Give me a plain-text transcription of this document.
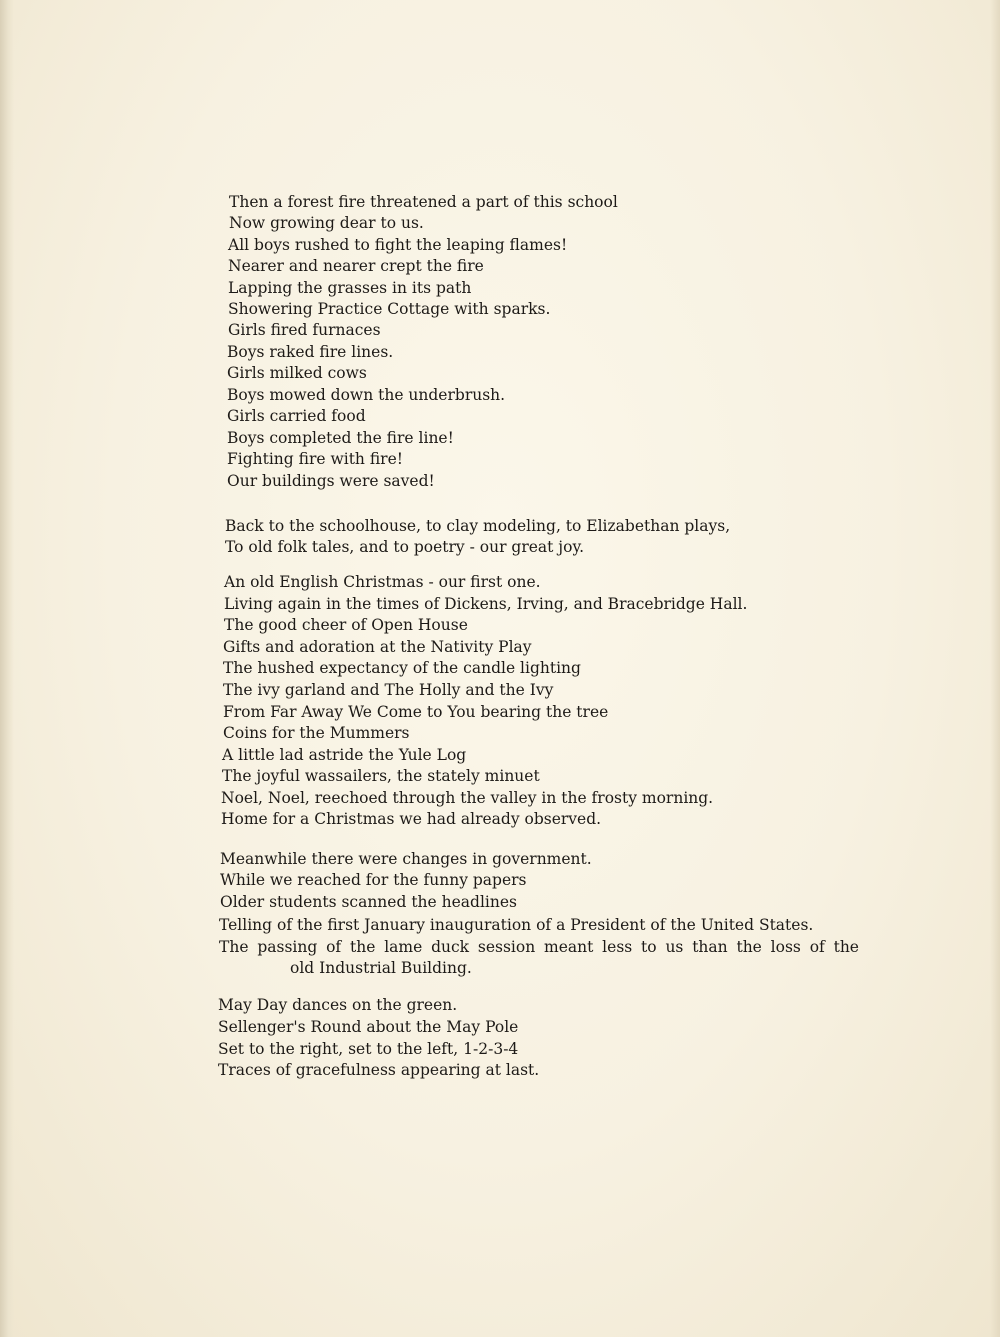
Then a forest fire threatened a part of this school
Now growing dear to us.
All boys rushed to fight the leaping flames!
Nearer and nearer crept the fire
Lapping the grasses in its path
Showering Practice Cottage with sparks.
Girls fired furnaces
Boys raked fire lines.
Girls milked cows
Boys mowed down the underbrush.
Girls carried food
Boys completed the fire line!
Fighting fire with fire!
Our buildings were saved!
Back to the schoolhouse, to clay modeling, to Elizabethan plays,
To old folk tales, and to poetry - our great joy.
An old English Christmas - our first one.
Living again in the times of Dickens, Irving, and Bracebridge Hall.
The good cheer of Open House
Gifts and adoration at the Nativity Play
The hushed expectancy of the candle lighting
The ivy garland and The Holly and the Ivy
From Far Away We Come to You bearing the tree
Coins for the Mummers
A little lad astride the Yule Log
The joyful wassailers, the stately minuet
Noel, Noel, reechoed through the valley in the frosty morning.
Home for a Christmas we had already observed.
Meanwhile there were changes in government.
While we reached for the funny papers
Older students scanned the headlines
Telling of the first January inauguration of a President of the United States.
The passing of the lame duck session meant less to us than the loss of the
old Industrial Building.
May Day dances on the green.
Sellenger's Round about the May Pole
Set to the right, set to the left, 1-2-3-4
Traces of gracefulness appearing at last.
